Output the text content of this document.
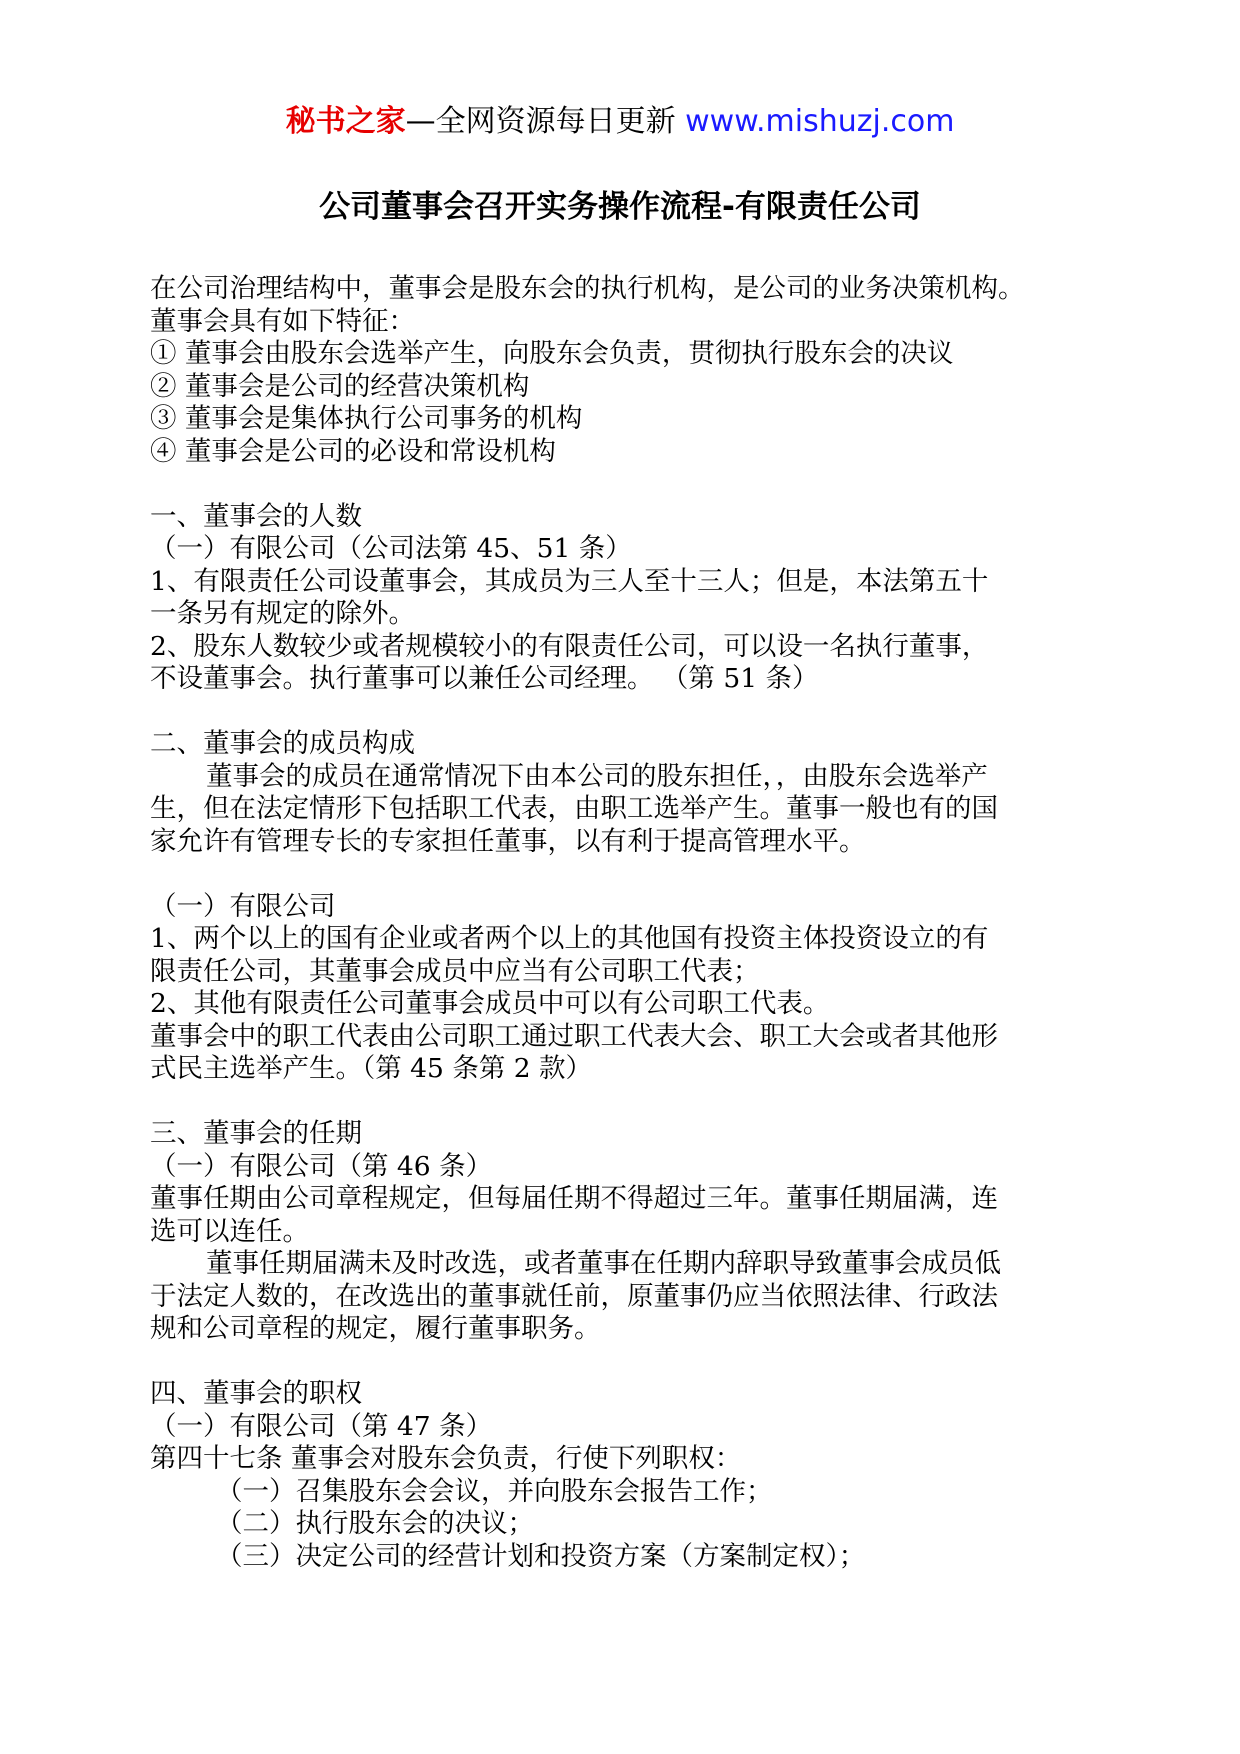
秘书之家—全网资源每日更新 www.mishuzj.com
公司董事会召开实务操作流程-有限责任公司
在公司治理结构中，董事会是股东会的执行机构，是公司的业务决策机构。
董事会具有如下特征：
① 董事会由股东会选举产生，向股东会负责，贯彻执行股东会的决议
② 董事会是公司的经营决策机构
③ 董事会是集体执行公司事务的机构
④ 董事会是公司的必设和常设机构
一、董事会的人数
（一）有限公司（公司法第 45、51 条）
1、有限责任公司设董事会，其成员为三人至十三人；但是，本法第五十
一条另有规定的除外。
2、股东人数较少或者规模较小的有限责任公司，可以设一名执行董事，
不设董事会。执行董事可以兼任公司经理。 （第 51 条）
二、董事会的成员构成
董事会的成员在通常情况下由本公司的股东担任，，由股东会选举产
生，但在法定情形下包括职工代表，由职工选举产生。董事一般也有的国
家允许有管理专长的专家担任董事，以有利于提高管理水平。
（一）有限公司
1、两个以上的国有企业或者两个以上的其他国有投资主体投资设立的有
限责任公司，其董事会成员中应当有公司职工代表；
2、其他有限责任公司董事会成员中可以有公司职工代表。
董事会中的职工代表由公司职工通过职工代表大会、职工大会或者其他形
式民主选举产生。（第 45 条第 2 款）
三、董事会的任期
（一）有限公司（第 46 条）
董事任期由公司章程规定，但每届任期不得超过三年。董事任期届满，连
选可以连任。
董事任期届满未及时改选，或者董事在任期内辞职导致董事会成员低
于法定人数的，在改选出的董事就任前，原董事仍应当依照法律、行政法
规和公司章程的规定，履行董事职务。
四、董事会的职权
（一）有限公司（第 47 条）
第四十七条 董事会对股东会负责，行使下列职权：
（一）召集股东会会议，并向股东会报告工作；
（二）执行股东会的决议；
（三）决定公司的经营计划和投资方案（方案制定权）；
